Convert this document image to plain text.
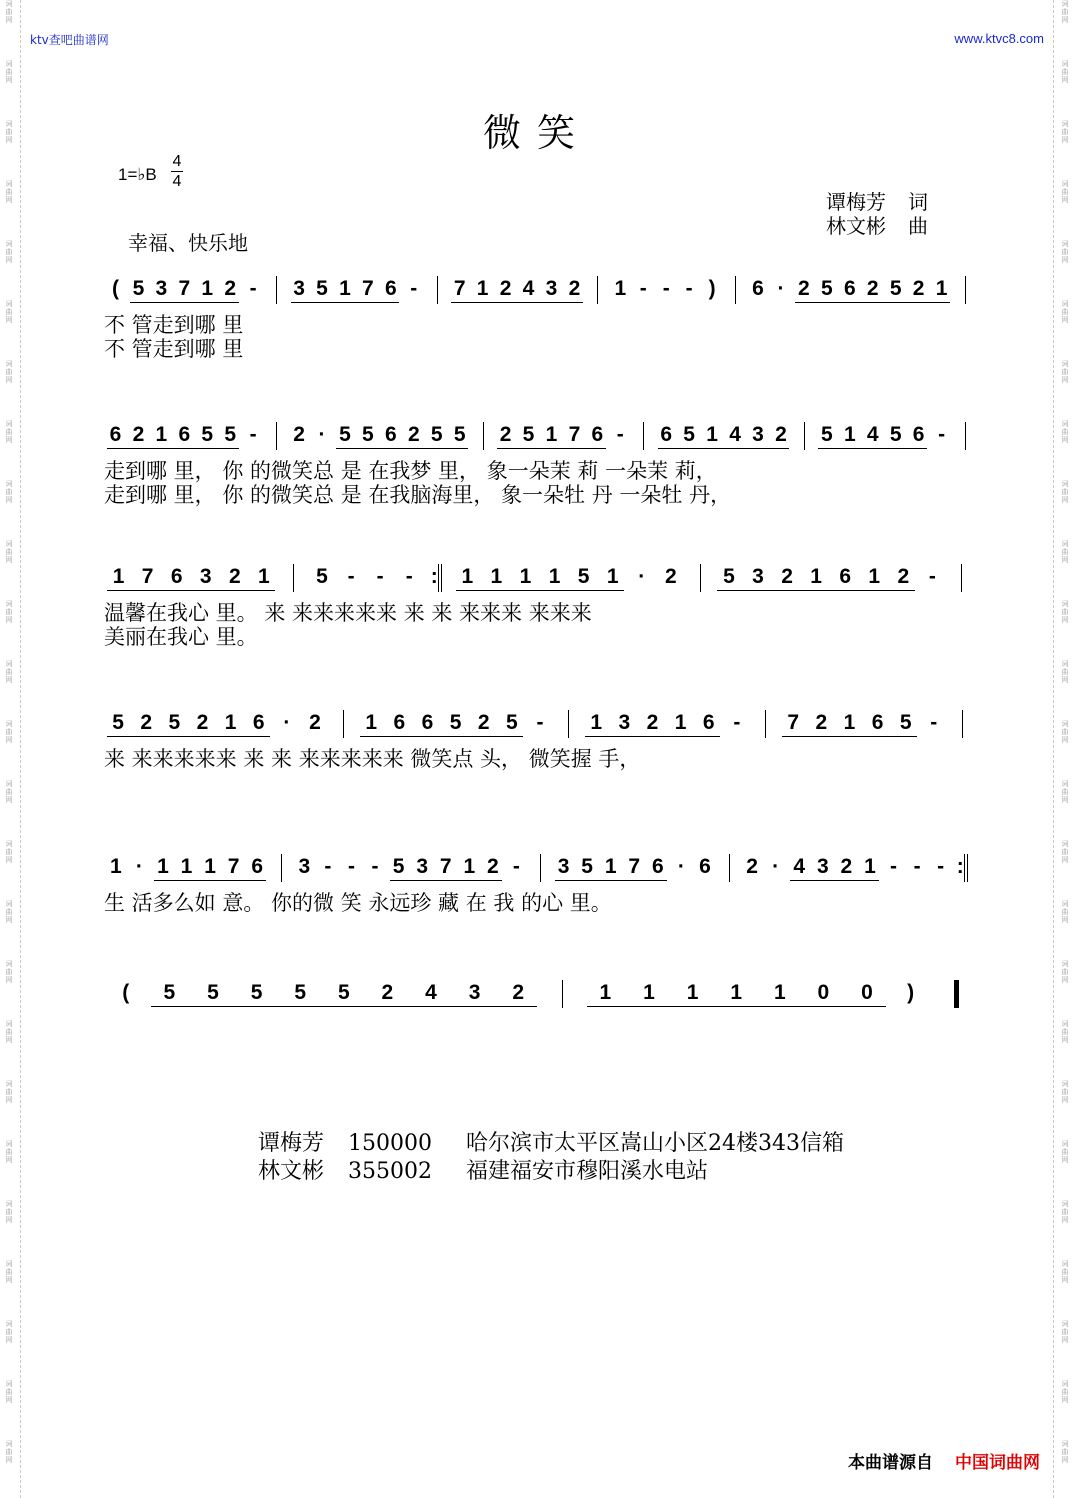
词
曲
网
词
曲
网
词
曲
网
词
曲
网
词
曲
网
词
曲
网
词
曲
网
词
曲
网
词
曲
网
词
曲
网
词
曲
网
词
曲
网
词
曲
网
词
曲
网
词
曲
网
词
曲
网
词
曲
网
词
曲
网
词
曲
网
词
曲
网
词
曲
网
词
曲
网
词
曲
网
词
曲
网
词
曲
网
词
曲
网
词
曲
网
词
曲
网
词
曲
网
词
曲
网
词
曲
网
词
曲
网
词
曲
网
词
曲
网
词
曲
网
词
曲
网
词
曲
网
词
曲
网
词
曲
网
词
曲
网
词
曲
网
词
曲
网
词
曲
网
词
曲
网
词
曲
网
词
曲
网
词
曲
网
词
曲
网
词
曲
网
词
曲
网
ktv查吧曲谱网	www.ktvc8.com
微笑
1=♭B
4
4
幸福、快乐地
谭梅芳 词
林文彬 曲
( 5 3 7 1 2 -	3 5 1 7 6 -	7 1 2 4 3 2 1 - - - )	6 · 2 5 6 2 5 2 1
不 管走到哪 里
不 管走到哪 里
6 2 1 6 5 5 -	2 · 5 5 6 2 5 5 2 5 1 7 6 -	6 5 1 4 3 2 5 1 4 5 6 -
走到哪 里， 你 的微笑总 是 在我梦 里， 象一朵茉 莉 一朵茉 莉，
走到哪 里， 你 的微笑总 是 在我脑海里， 象一朵牡 丹 一朵牡 丹，
1 7 6 3 2 1	5 -	-	- :	1 1 1 1 5 1 · 2	5 3 2 1 6 1 2 -
温馨在我心 里。 来 来来来来来 来 来 来来来 来来来
美丽在我心 里。
5 2 5 2 1 6 · 2	1 6 6 5 2 5 -	1 3 2 1 6 -	7 2 1 6 5 -
来 来来来来来 来 来 来来来来来 微笑点 头， 微笑握 手，
1 · 1 1 1 7 6 3 - - - 5 3 7 1 2 -	3 5 1 7 6 · 6 2 · 4 3 2 1 - - - :
生 活多么如 意。 你的微 笑 永远珍 藏 在 我 的心 里。
(	5	5	5	5	5	2	4	3	2	1	1	1	1	1	0	0	)
谭梅芳 150000 哈尔滨市太平区嵩山小区24楼343信箱
林文彬 355002 福建福安市穆阳溪水电站
本曲谱源自 中国词曲网
